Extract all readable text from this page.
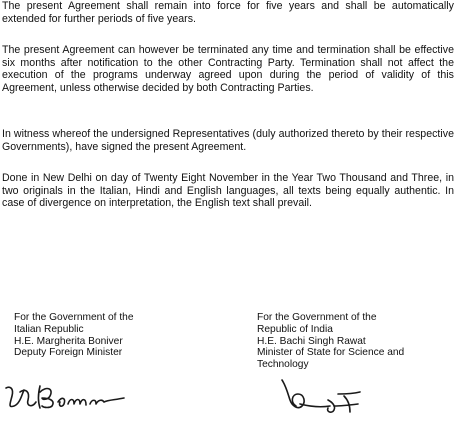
The present Agreement shall remain into force for five years and shall be automatically extended for further periods of five years.

The present Agreement can however be terminated any time and termination shall be effective six months after notification to the other Contracting Party. Termination shall not affect the execution of the programs underway agreed upon during the period of validity of this Agreement, unless otherwise decided by both Contracting Parties.

In witness whereof the undersigned Representatives (duly authorized thereto by their respective Governments), have signed the present Agreement.

Done in New Delhi on day of Twenty Eight November in the Year Two Thousand and Three, in two originals in the Italian, Hindi and English languages, all texts being equally authentic. In case of divergence on interpretation, the English text shall prevail.

For the Government of the
Italian Republic
H.E. Margherita Boniver
Deputy Foreign Minister
For the Government of the
Republic of India
H.E. Bachi Singh Rawat
Minister of State for Science and
Technology
